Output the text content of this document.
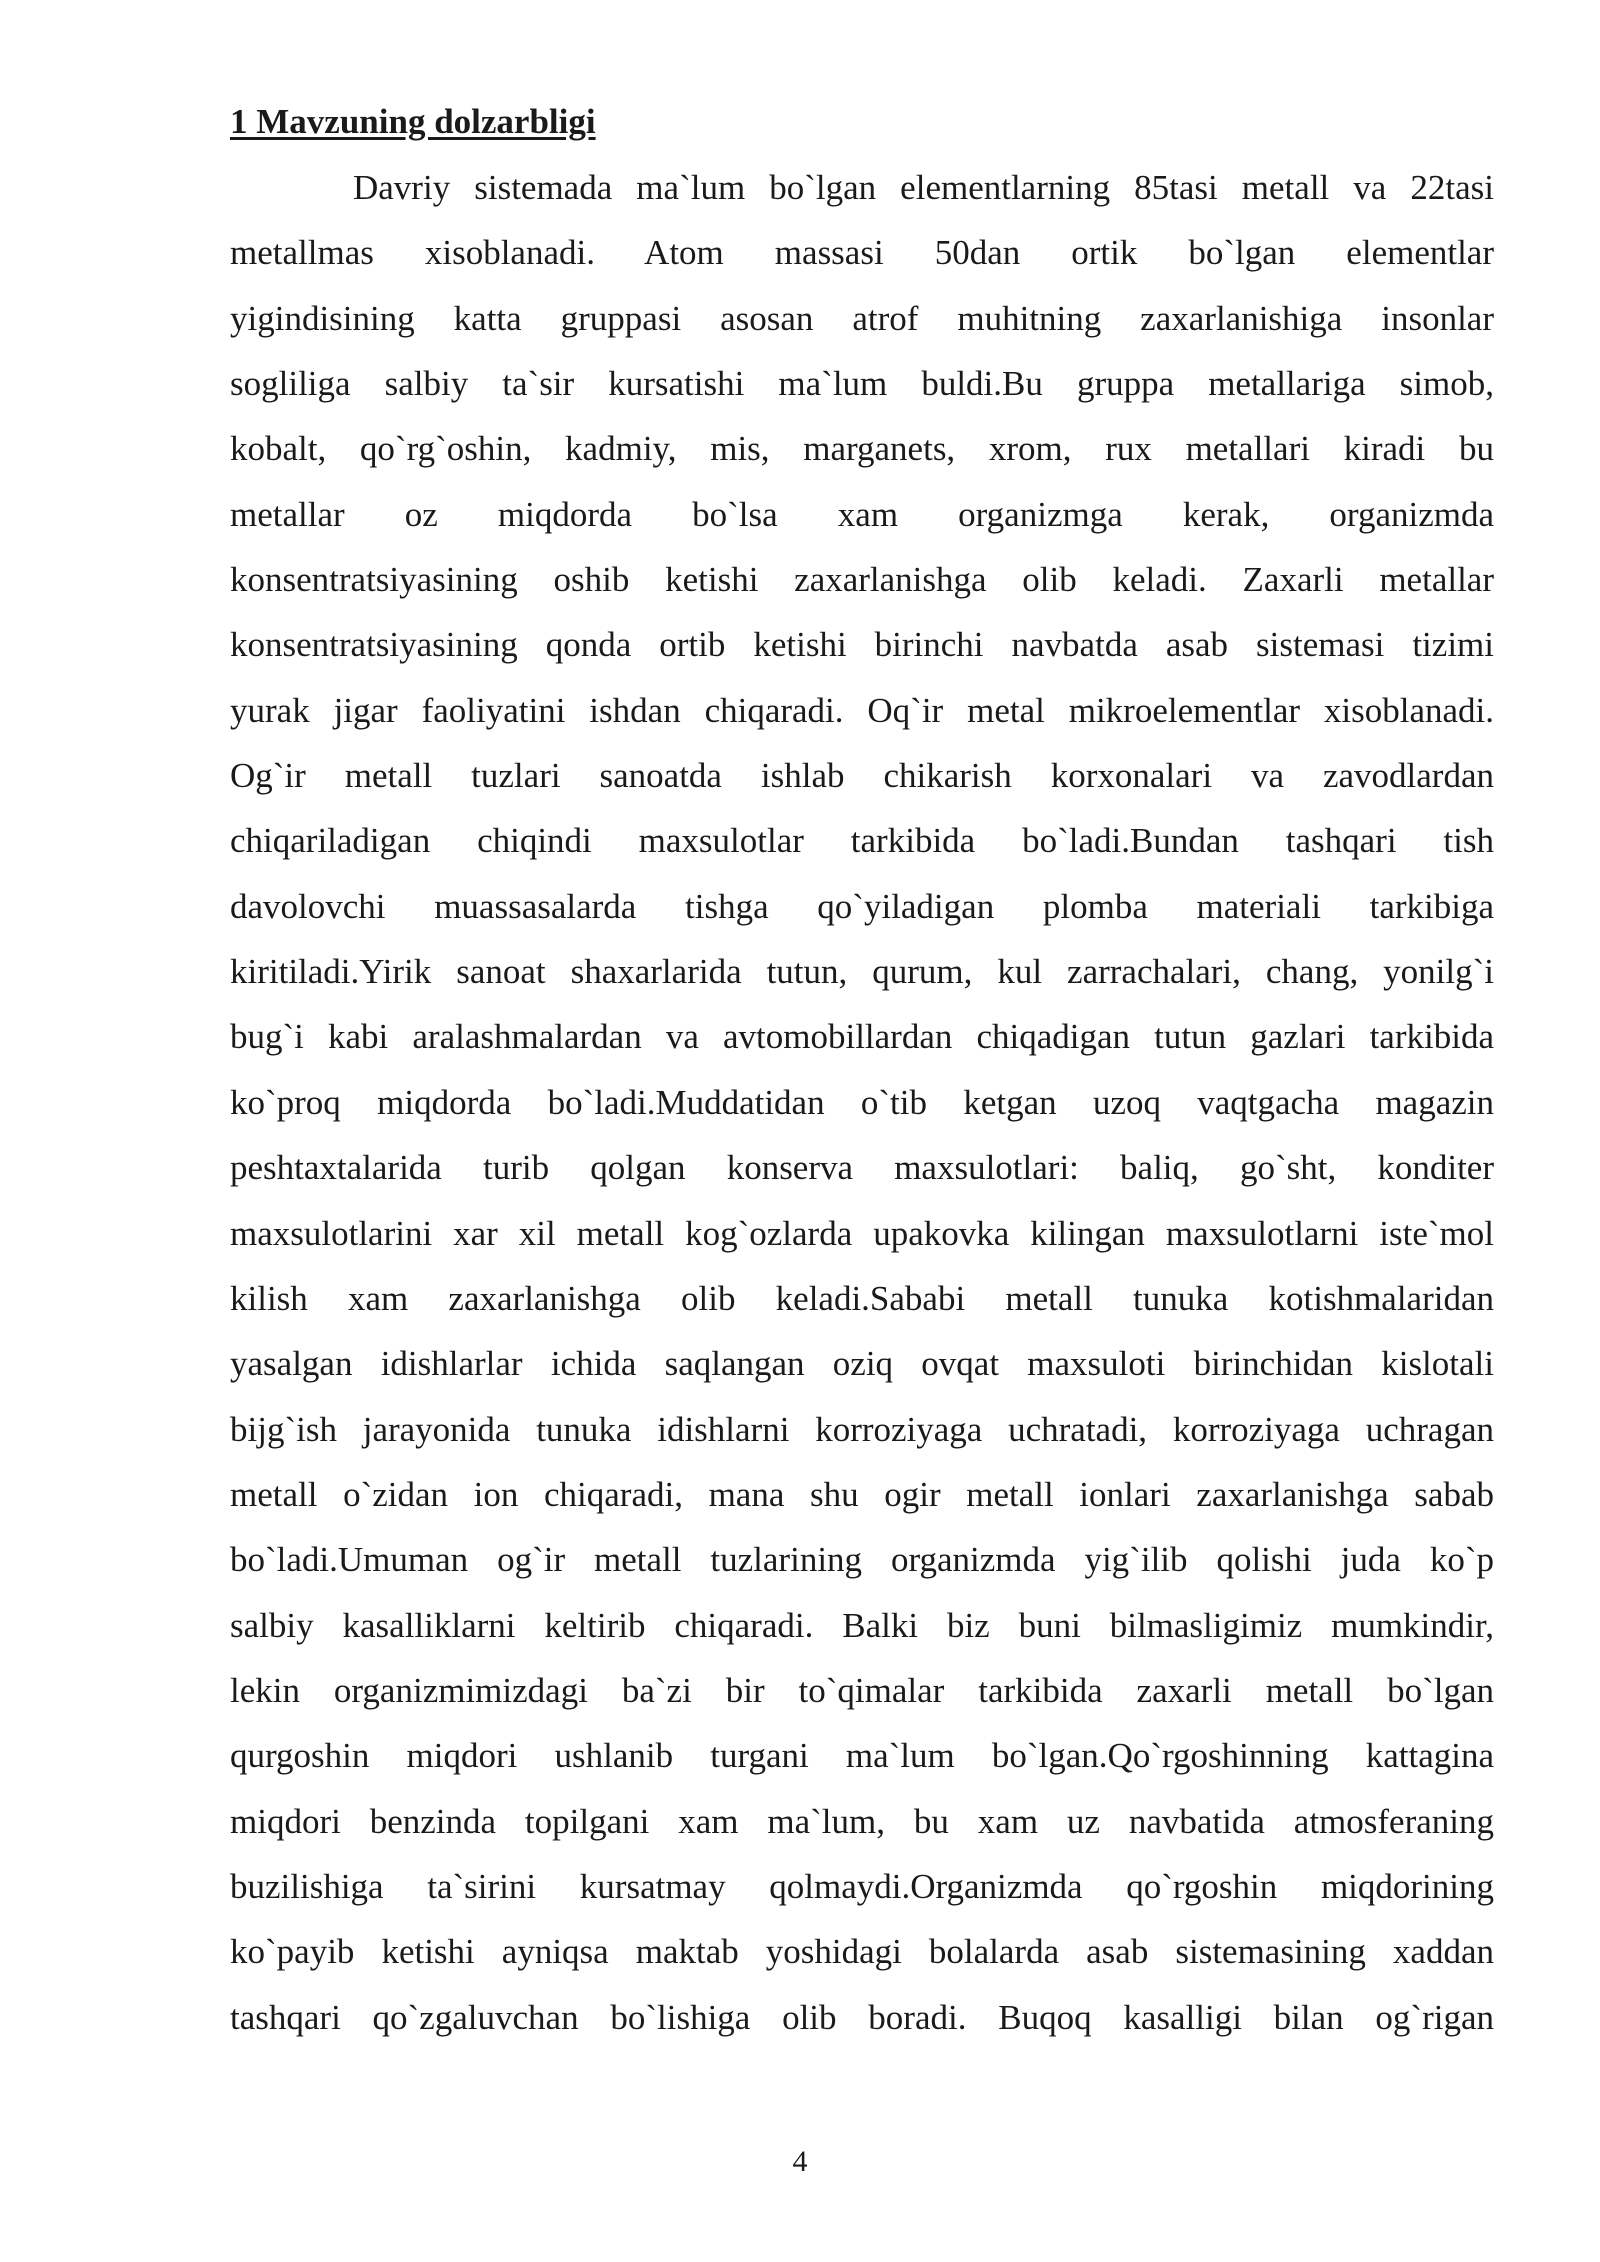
1 Mavzuning dolzarbligi
Davriy sistemada ma`lum bo`lgan elementlarning 85tasi metall va 22tasi
metallmas xisoblanadi. Atom massasi 50dan ortik bo`lgan elementlar
yigindisining katta gruppasi asosan atrof muhitning zaxarlanishiga insonlar
sogliliga salbiy ta`sir kursatishi ma`lum buldi.Bu gruppa metallariga simob,
kobalt, qo`rg`oshin, kadmiy, mis, marganets, xrom, rux metallari kiradi bu
metallar oz miqdorda bo`lsa xam organizmga kerak, organizmda
konsentratsiyasining oshib ketishi zaxarlanishga olib keladi. Zaxarli metallar
konsentratsiyasining qonda ortib ketishi birinchi navbatda asab sistemasi tizimi
yurak jigar faoliyatini ishdan chiqaradi. Oq`ir metal mikroelementlar xisoblanadi.
Og`ir metall tuzlari sanoatda ishlab chikarish korxonalari va zavodlardan
chiqariladigan chiqindi maxsulotlar tarkibida bo`ladi.Bundan tashqari tish
davolovchi muassasalarda tishga qo`yiladigan plomba materiali tarkibiga
kiritiladi.Yirik sanoat shaxarlarida tutun, qurum, kul zarrachalari, chang, yonilg`i
bug`i kabi aralashmalardan va avtomobillardan chiqadigan tutun gazlari tarkibida
ko`proq miqdorda bo`ladi.Muddatidan o`tib ketgan uzoq vaqtgacha magazin
peshtaxtalarida turib qolgan konserva maxsulotlari: baliq, go`sht, konditer
maxsulotlarini xar xil metall kog`ozlarda upakovka kilingan maxsulotlarni iste`mol
kilish xam zaxarlanishga olib keladi.Sababi metall tunuka kotishmalaridan
yasalgan idishlarlar ichida saqlangan oziq ovqat maxsuloti birinchidan kislotali
bijg`ish jarayonida tunuka idishlarni korroziyaga uchratadi, korroziyaga uchragan
metall o`zidan ion chiqaradi, mana shu ogir metall ionlari zaxarlanishga sabab
bo`ladi.Umuman og`ir metall tuzlarining organizmda yig`ilib qolishi juda ko`p
salbiy kasalliklarni keltirib chiqaradi. Balki biz buni bilmasligimiz mumkindir,
lekin organizmimizdagi ba`zi bir to`qimalar tarkibida zaxarli metall bo`lgan
qurgoshin miqdori ushlanib turgani ma`lum bo`lgan.Qo`rgoshinning kattagina
miqdori benzinda topilgani xam ma`lum, bu xam uz navbatida atmosferaning
buzilishiga ta`sirini kursatmay qolmaydi.Organizmda qo`rgoshin miqdorining
ko`payib ketishi ayniqsa maktab yoshidagi bolalarda asab sistemasining xaddan
tashqari qo`zgaluvchan bo`lishiga olib boradi. Buqoq kasalligi bilan og`rigan
4
